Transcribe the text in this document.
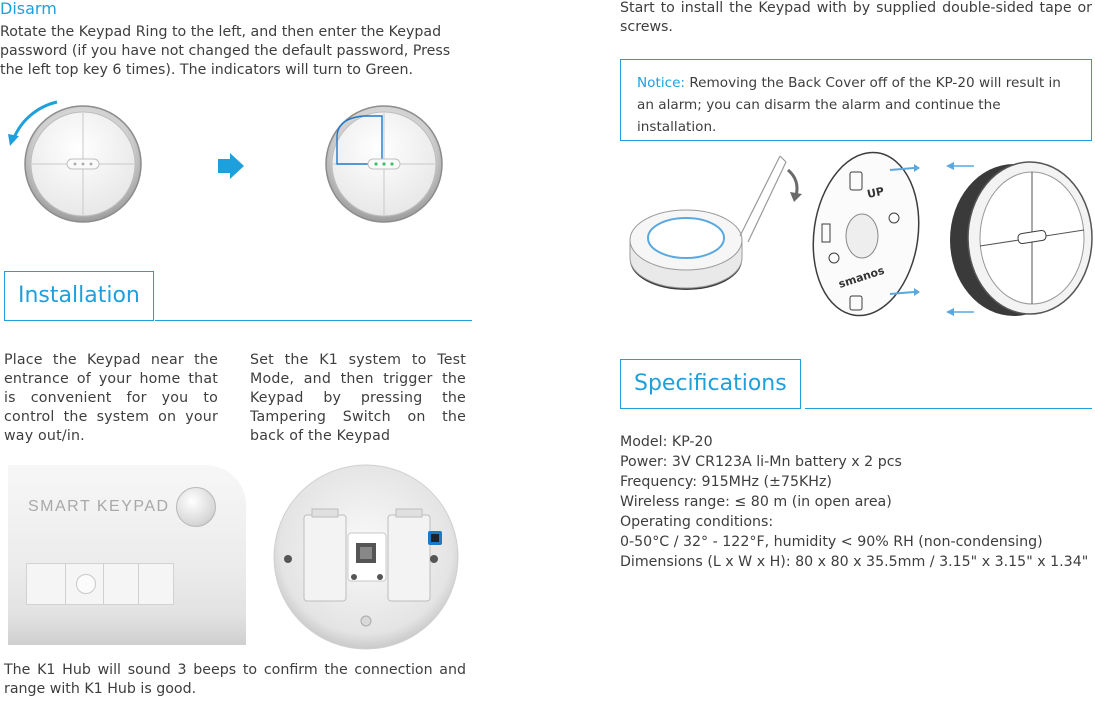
Disarm
Rotate the Keypad Ring to the left, and then enter the Keypad password (if you have not changed the default password, Press the left top key 6 times). The indicators will turn to Green.
Installation
Place the Keypad near the entrance of your home that is convenient for you to control the system on your way out/in.
Set the K1 system to Test Mode, and then trigger the Keypad by pressing the Tampering Switch on the back of the Keypad
SMART KEYPAD
The K1 Hub will sound 3 beeps to confirm the connection and range with K1 Hub is good.
Start to install the Keypad with by supplied double-sided tape or screws.
Notice: Removing the Back Cover off of the KP-20 will result in an alarm; you can disarm the alarm and continue the installation.
UP
smanos
Specifications
Model: KP-20
Power: 3V CR123A li-Mn battery x 2 pcs
Frequency: 915MHz (±75KHz)
Wireless range: ≤ 80 m (in open area)
Operating conditions:
0-50°C / 32° - 122°F, humidity < 90% RH (non-condensing)
Dimensions (L x W x H): 80 x 80 x 35.5mm / 3.15" x 3.15" x 1.34"
